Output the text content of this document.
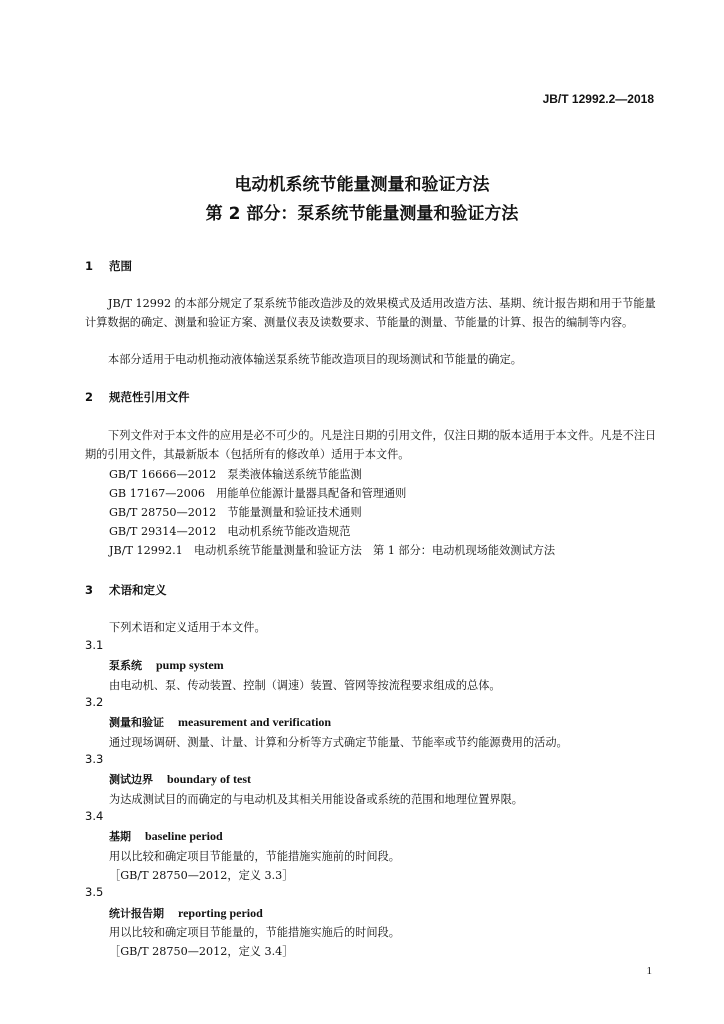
JB/T 12992.2—2018
电动机系统节能量测量和验证方法
第 2 部分：泵系统节能量测量和验证方法
1 范围
JB/T 12992 的本部分规定了泵系统节能改造涉及的效果模式及适用改造方法、基期、统计报告期和用于节能量计算数据的确定、测量和验证方案、测量仪表及读数要求、节能量的测量、节能量的计算、报告的编制等内容。
本部分适用于电动机拖动液体输送泵系统节能改造项目的现场测试和节能量的确定。
2 规范性引用文件
下列文件对于本文件的应用是必不可少的。凡是注日期的引用文件，仅注日期的版本适用于本文件。凡是不注日期的引用文件，其最新版本（包括所有的修改单）适用于本文件。
GB/T 16666—2012　 泵类液体输送系统节能监测
GB 17167—2006　 用能单位能源计量器具配备和管理通则
GB/T 28750—2012　 节能量测量和验证技术通则
GB/T 29314—2012　 电动机系统节能改造规范
JB/T 12992.1　 电动机系统节能量测量和验证方法　第 1 部分：电动机现场能效测试方法
3 术语和定义
下列术语和定义适用于本文件。
3.1
泵系统 pump system
由电动机、泵、传动装置、控制（调速）装置、管网等按流程要求组成的总体。
3.2
测量和验证 measurement and verification
通过现场调研、测量、计量、计算和分析等方式确定节能量、节能率或节约能源费用的活动。
3.3
测试边界 boundary of test
为达成测试目的而确定的与电动机及其相关用能设备或系统的范围和地理位置界限。
3.4
基期 baseline period
用以比较和确定项目节能量的，节能措施实施前的时间段。
［GB/T 28750—2012，定义 3.3］
3.5
统计报告期 reporting period
用以比较和确定项目节能量的，节能措施实施后的时间段。
［GB/T 28750—2012，定义 3.4］
1
